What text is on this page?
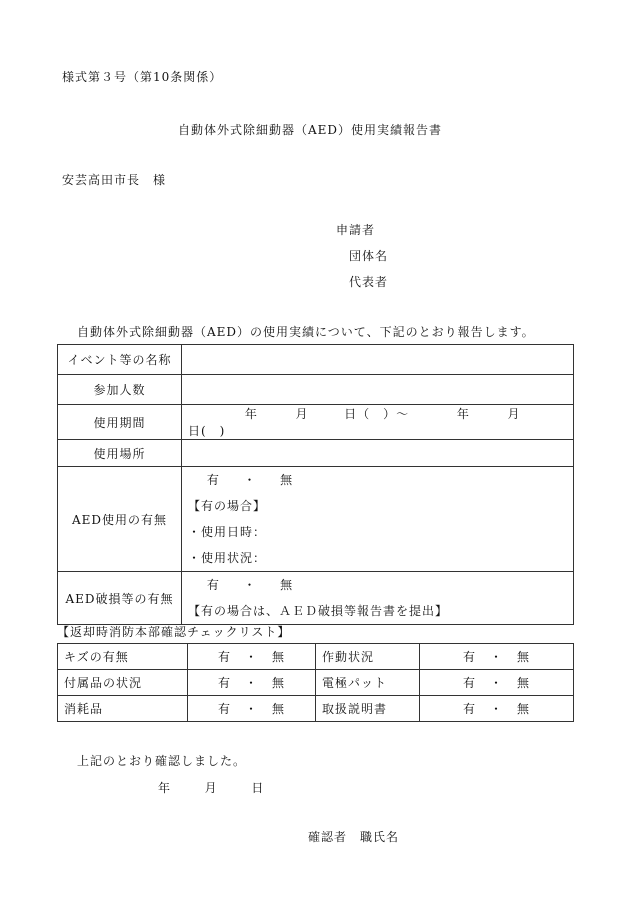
様式第３号（第10条関係）
自動体外式除細動器（AED）使用実績報告書
安芸高田市長　様
申請者
団体名
代表者
自動体外式除細動器（AED）の使用実績について、下記のとおり報告します。
イベント等の名称	
参加人数	
使用期間	年 月 日（　）～ 年 月  日(　)
使用場所	
AED使用の有無	有 ・ 無
【有の場合】
・使用日時：
・使用状況：

AED破損等の有無	有 ・ 無
【有の場合は、ＡＥＤ破損等報告書を提出】
【返却時消防本部確認チェックリスト】
キズの有無	有 ・ 無	作動状況	有 ・ 無
付属品の状況	有 ・ 無	電極パット	有 ・ 無
消耗品	有 ・ 無	取扱説明書	有 ・ 無
上記のとおり確認しました。
年	月	日
確認者　職氏名
